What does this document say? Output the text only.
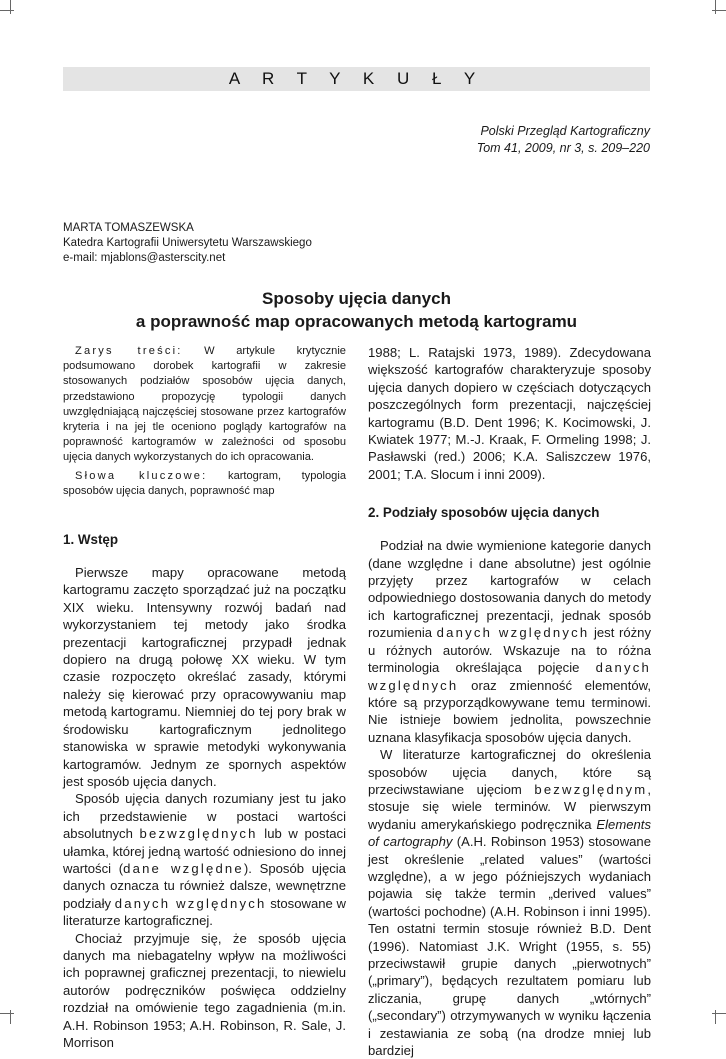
A R T Y K U Ł Y
Polski Przegląd Kartograficzny
Tom 41, 2009, nr 3, s. 209–220
MARTA TOMASZEWSKA
Katedra Kartografii Uniwersytetu Warszawskiego
e-mail: mjablons@asterscity.net
Sposoby ujęcia danych
a poprawność map opracowanych metodą kartogramu

Zarys treści: W artykule krytycznie podsumowano dorobek kartografii w zakresie stosowanych podziałów sposobów ujęcia danych, przedstawiono propozycję typologii danych uwzględniającą najczęściej stosowane przez kartografów kryteria i na jej tle oceniono poglądy kartografów na poprawność kartogramów w zależności od sposobu ujęcia danych wykorzystanych do ich opracowania.

Słowa kluczowe: kartogram, typologia sposobów ujęcia danych, poprawność map

1. Wstęp

Pierwsze mapy opracowane metodą kartogramu zaczęto sporządzać już na początku XIX wieku. Intensywny rozwój badań nad wykorzystaniem tej metody jako środka prezentacji kartograficznej przypadł jednak dopiero na drugą połowę XX wieku. W tym czasie rozpoczęto określać zasady, którymi należy się kierować przy opracowywaniu map metodą kartogramu. Niemniej do tej pory brak w środowisku kartograficznym jednolitego stanowiska w sprawie metodyki wykonywania kartogramów. Jednym ze spornych aspektów jest sposób ujęcia danych.

Sposób ujęcia danych rozumiany jest tu jako ich przedstawienie w postaci wartości absolutnych bezwzględnych lub w postaci ułamka, której jedną wartość odniesiono do innej wartości (dane względne). Sposób ujęcia danych oznacza tu również dalsze, wewnętrzne podziały danych względnych stosowane w literaturze kartograficznej.

Chociaż przyjmuje się, że sposób ujęcia danych ma niebagatelny wpływ na możliwości ich poprawnej graficznej prezentacji, to niewielu autorów podręczników poświęca oddzielny rozdział na omówienie tego zagadnienia (m.in. A.H. Robinson 1953; A.H. Robinson, R. Sale, J. Morrison

1988; L. Ratajski 1973, 1989). Zdecydowana większość kartografów charakteryzuje sposoby ujęcia danych dopiero w częściach dotyczących poszczególnych form prezentacji, najczęściej kartogramu (B.D. Dent 1996; K. Kocimowski, J. Kwiatek 1977; M.-J. Kraak, F. Ormeling 1998; J. Pasławski (red.) 2006; K.A. Saliszczew 1976, 2001; T.A. Slocum i inni 2009).

2. Podziały sposobów ujęcia danych

Podział na dwie wymienione kategorie danych (dane względne i dane absolutne) jest ogólnie przyjęty przez kartografów w celach odpowiedniego dostosowania danych do metody ich kartograficznej prezentacji, jednak sposób rozumienia danych względnych jest różny u różnych autorów. Wskazuje na to różna terminologia określająca pojęcie danych względnych oraz zmienność elementów, które są przyporządkowywane temu terminowi. Nie istnieje bowiem jednolita, powszechnie uznana klasyfikacja sposobów ujęcia danych.

W literaturze kartograficznej do określenia sposobów ujęcia danych, które są przeciwstawiane ujęciom bezwzględnym, stosuje się wiele terminów. W pierwszym wydaniu amerykańskiego podręcznika Elements of cartography (A.H. Robinson 1953) stosowane jest określenie „related values” (wartości względne), a w jego późniejszych wydaniach pojawia się także termin „derived values” (wartości pochodne) (A.H. Robinson i inni 1995). Ten ostatni termin stosuje również B.D. Dent (1996). Natomiast J.K. Wright (1955, s. 55) przeciwstawił grupie danych „pierwotnych” („primary”), będących rezultatem pomiaru lub zliczania, grupę danych „wtórnych” („secondary”) otrzymywanych w wyniku łączenia i zestawiania ze sobą (na drodze mniej lub bardziej
